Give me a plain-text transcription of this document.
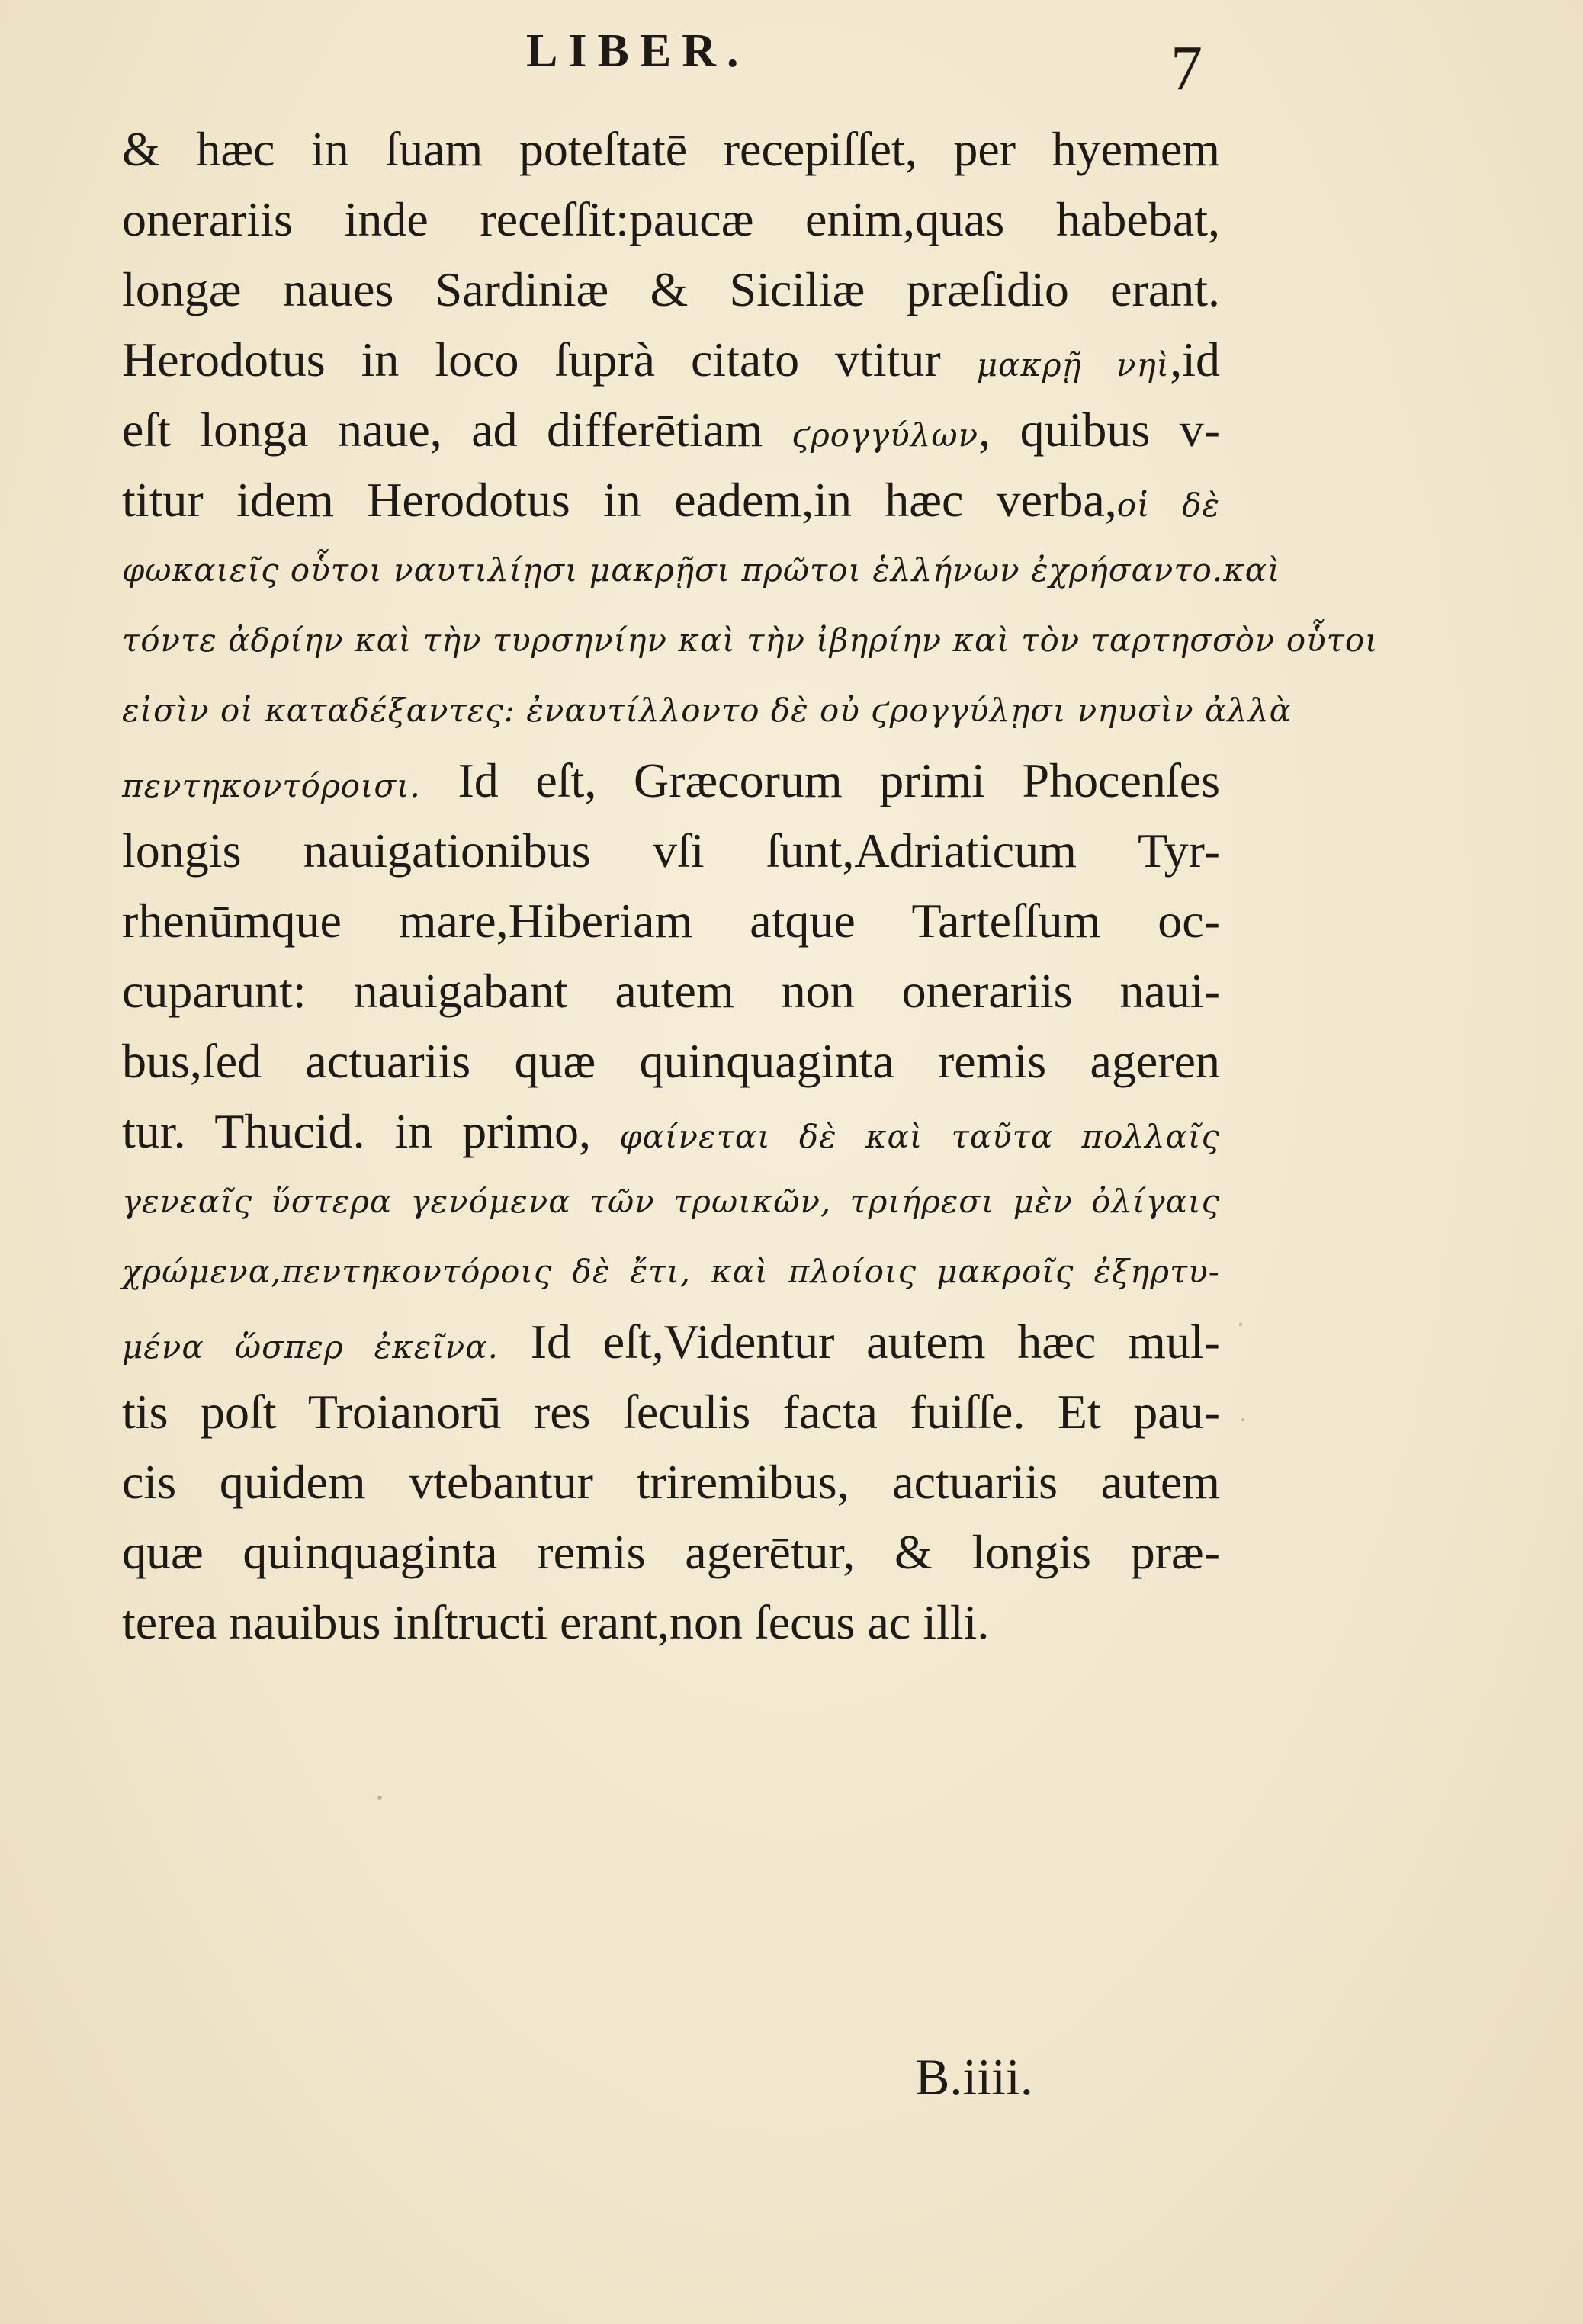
LIBER.	7
& hæc in ſuam poteſtatē recepiſſet, per hyemem
onerariis inde receſſit:paucæ enim,quas habebat,
longæ naues Sardiniæ & Siciliæ præſidio erant.
Herodotus in loco ſuprà citato vtitur μακρῇ νηὶ,id
eſt longa naue, ad differētiam ϛρογγύλων, quibus v-
titur idem Herodotus in eadem,in hæc verba,οἱ δὲ
φωκαιεῖς οὗτοι ναυτιλίῃσι μακρῇσι πρῶτοι ἑλλήνων ἐχρήσαντο.καὶ
τόντε ἀδρίην καὶ τὴν τυρσηνίην καὶ τὴν ἰβηρίην καὶ τὸν ταρτησσὸν οὗτοι
εἰσὶν οἱ καταδέξαντες: ἐναυτίλλοντο δὲ οὐ ϛρογγύλῃσι νηυσὶν ἀλλὰ
πεντηκοντόροισι. Id eſt, Græcorum primi Phocenſes
longis nauigationibus vſi ſunt,Adriaticum Tyr-
rhenūmque mare,Hiberiam atque Tarteſſum oc-
cuparunt: nauigabant autem non onerariis naui-
bus,ſed actuariis quæ quinquaginta remis ageren
tur. Thucid. in primo, φαίνεται δὲ καὶ ταῦτα πολλαῖς
γενεαῖς ὕστερα γενόμενα τῶν τρωικῶν, τριήρεσι μὲν ὀλίγαις
χρώμενα,πεντηκοντόροις δὲ ἔτι, καὶ πλοίοις μακροῖς ἐξηρτυ-
μένα ὥσπερ ἐκεῖνα. Id eſt,Videntur autem hæc mul-
tis poſt Troianorū res ſeculis facta fuiſſe. Et pau-
cis quidem vtebantur triremibus, actuariis autem
quæ quinquaginta remis agerētur, & longis præ-
terea nauibus inſtructi erant,non ſecus ac illi.
B.iiii.
